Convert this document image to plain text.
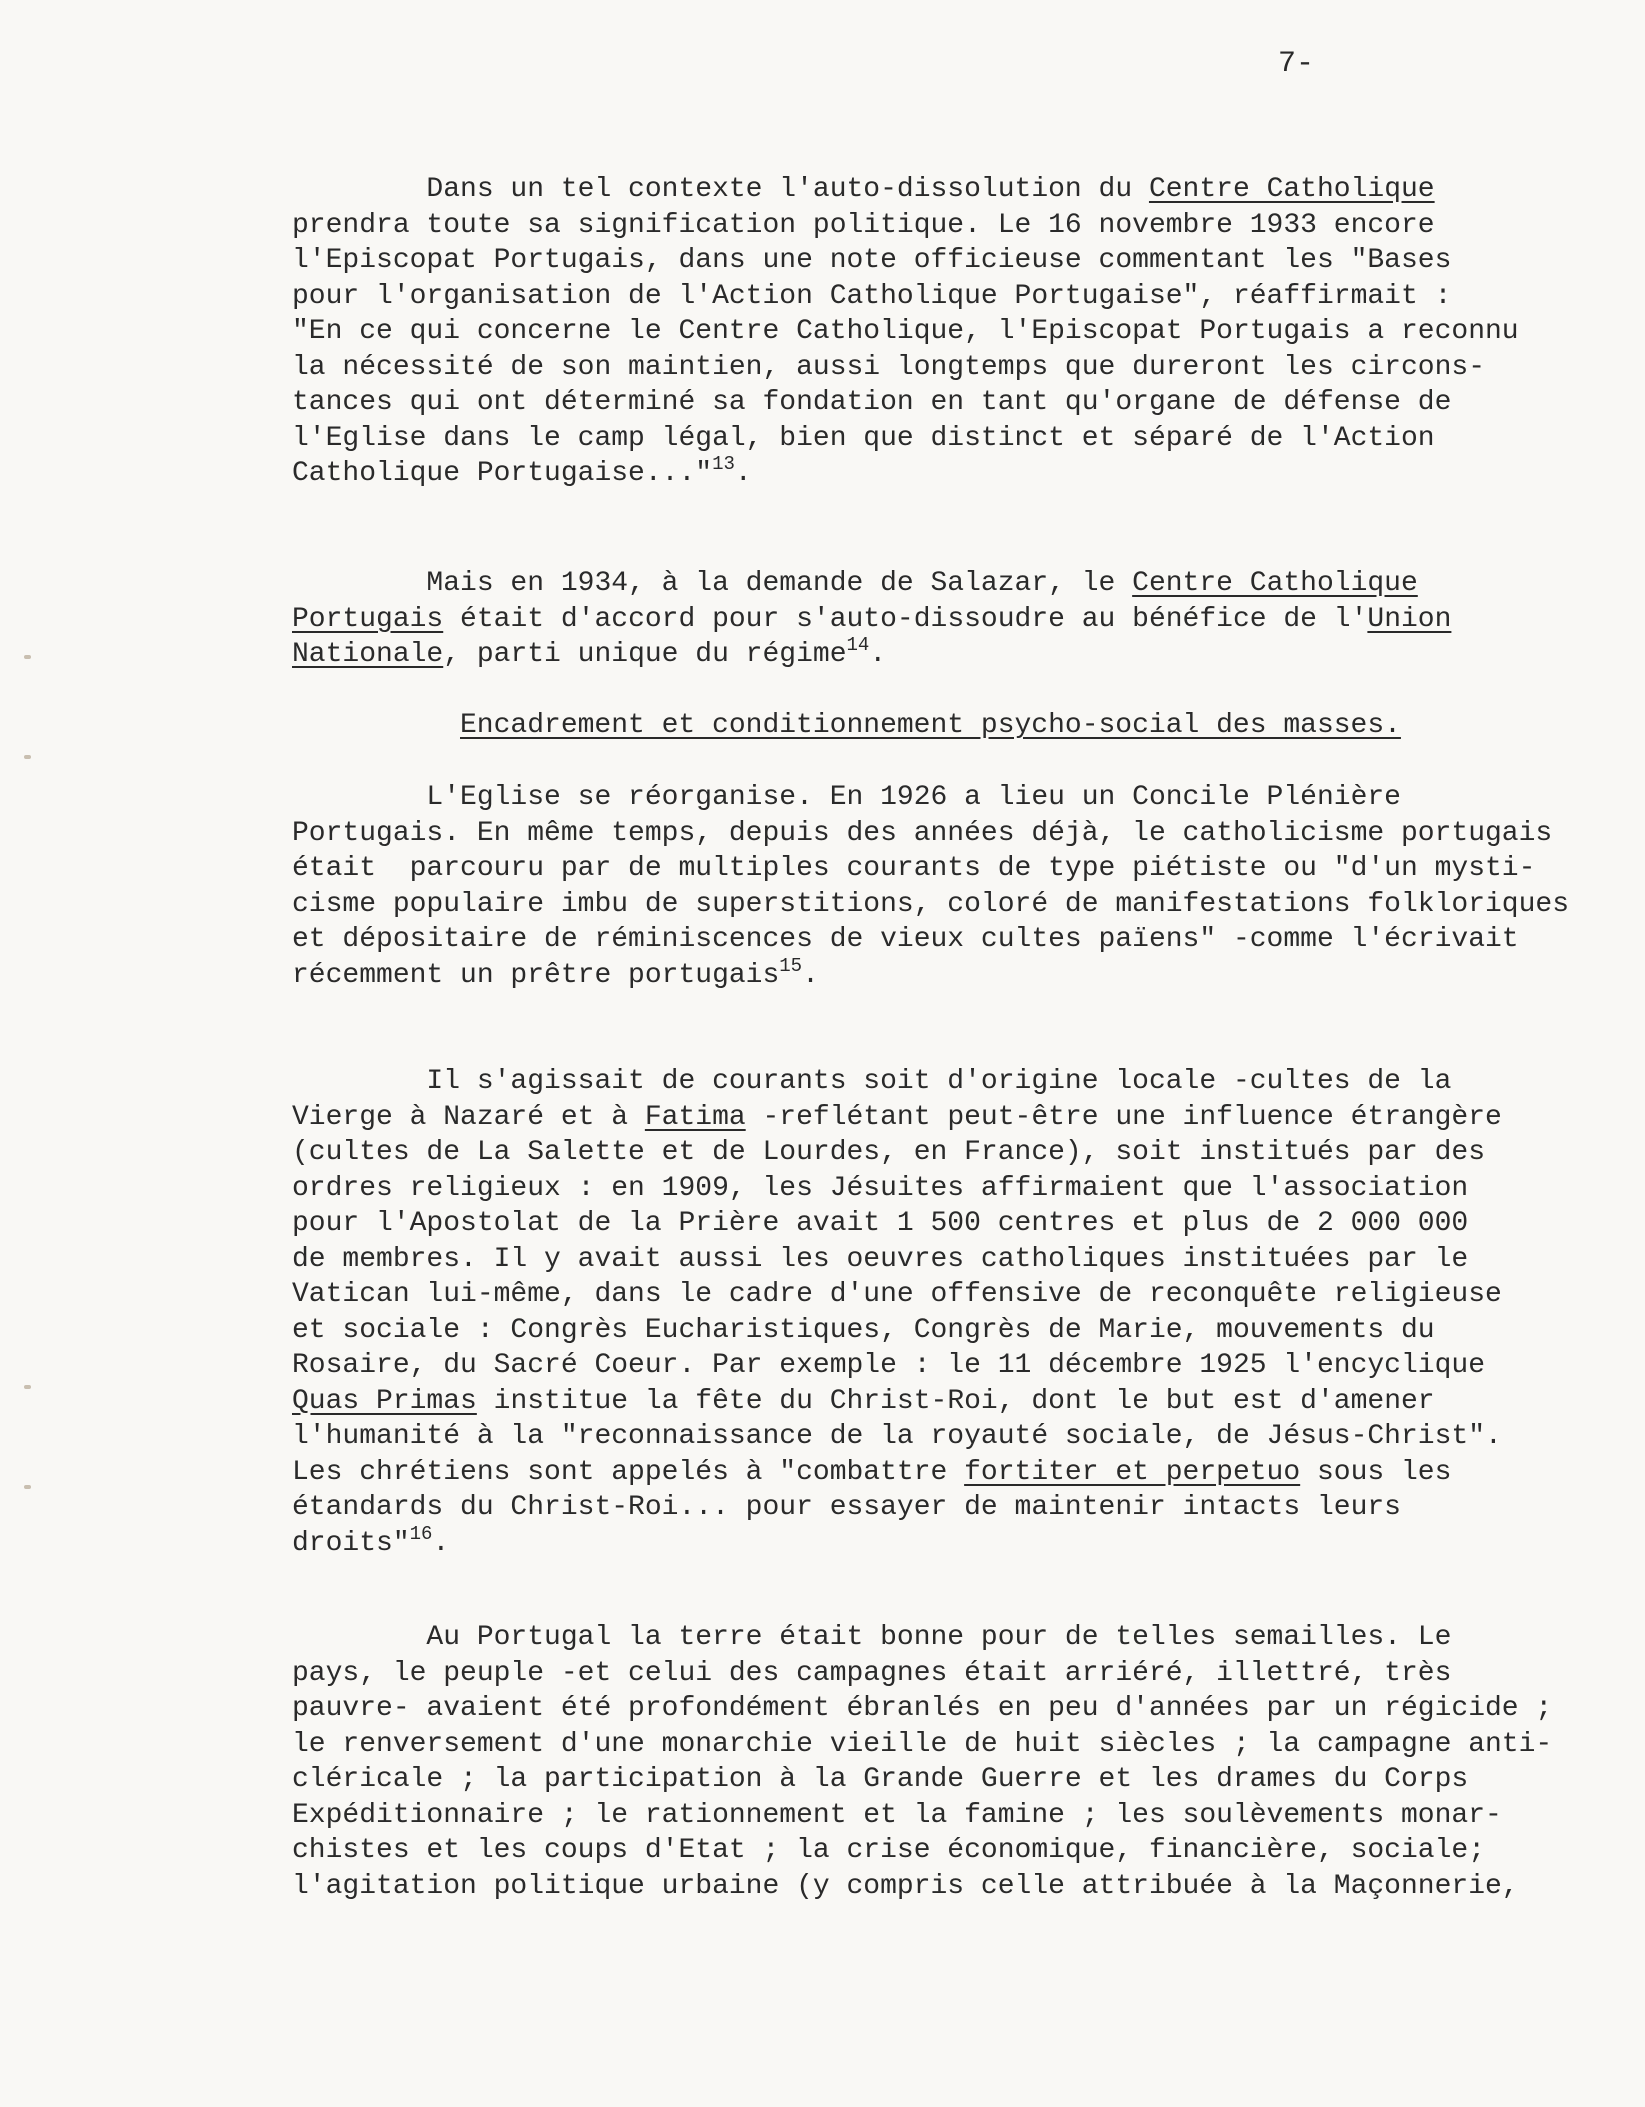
7-
Dans un tel contexte l'auto-dissolution du Centre Catholique
prendra toute sa signification politique. Le 16 novembre 1933 encore
l'Episcopat Portugais, dans une note officieuse commentant les "Bases
pour l'organisation de l'Action Catholique Portugaise", réaffirmait :
"En ce qui concerne le Centre Catholique, l'Episcopat Portugais a reconnu
la nécessité de son maintien, aussi longtemps que dureront les circons-
tances qui ont déterminé sa fondation en tant qu'organe de défense de
l'Eglise dans le camp légal, bien que distinct et séparé de l'Action
Catholique Portugaise..."$^{13}$.
Mais en 1934, à la demande de Salazar, le Centre Catholique
Portugais était d'accord pour s'auto-dissoudre au bénéfice de l'Union
Nationale, parti unique du régime$^{14}$.
Encadrement et conditionnement psycho-social des masses.
L'Eglise se réorganise. En 1926 a lieu un Concile Plénière
Portugais. En même temps, depuis des années déjà, le catholicisme portugais
était  parcouru par de multiples courants de type piétiste ou "d'un mysti-
cisme populaire imbu de superstitions, coloré de manifestations folkloriques
et dépositaire de réminiscences de vieux cultes païens" -comme l'écrivait
récemment un prêtre portugais$^{15}$.
Il s'agissait de courants soit d'origine locale -cultes de la
Vierge à Nazaré et à Fatima -reflétant peut-être une influence étrangère
(cultes de La Salette et de Lourdes, en France), soit institués par des
ordres religieux : en 1909, les Jésuites affirmaient que l'association
pour l'Apostolat de la Prière avait 1 500 centres et plus de 2 000 000
de membres. Il y avait aussi les oeuvres catholiques instituées par le
Vatican lui-même, dans le cadre d'une offensive de reconquête religieuse
et sociale : Congrès Eucharistiques, Congrès de Marie, mouvements du
Rosaire, du Sacré Coeur. Par exemple : le 11 décembre 1925 l'encyclique
Quas Primas institue la fête du Christ-Roi, dont le but est d'amener
l'humanité à la "reconnaissance de la royauté sociale, de Jésus-Christ".
Les chrétiens sont appelés à "combattre fortiter et perpetuo sous les
étandards du Christ-Roi... pour essayer de maintenir intacts leurs
droits"$^{16}$.
Au Portugal la terre était bonne pour de telles semailles. Le
pays, le peuple -et celui des campagnes était arriéré, illettré, très
pauvre- avaient été profondément ébranlés en peu d'années par un régicide ;
le renversement d'une monarchie vieille de huit siècles ; la campagne anti-
cléricale ; la participation à la Grande Guerre et les drames du Corps
Expéditionnaire ; le rationnement et la famine ; les soulèvements monar-
chistes et les coups d'Etat ; la crise économique, financière, sociale;
l'agitation politique urbaine (y compris celle attribuée à la Maçonnerie,
